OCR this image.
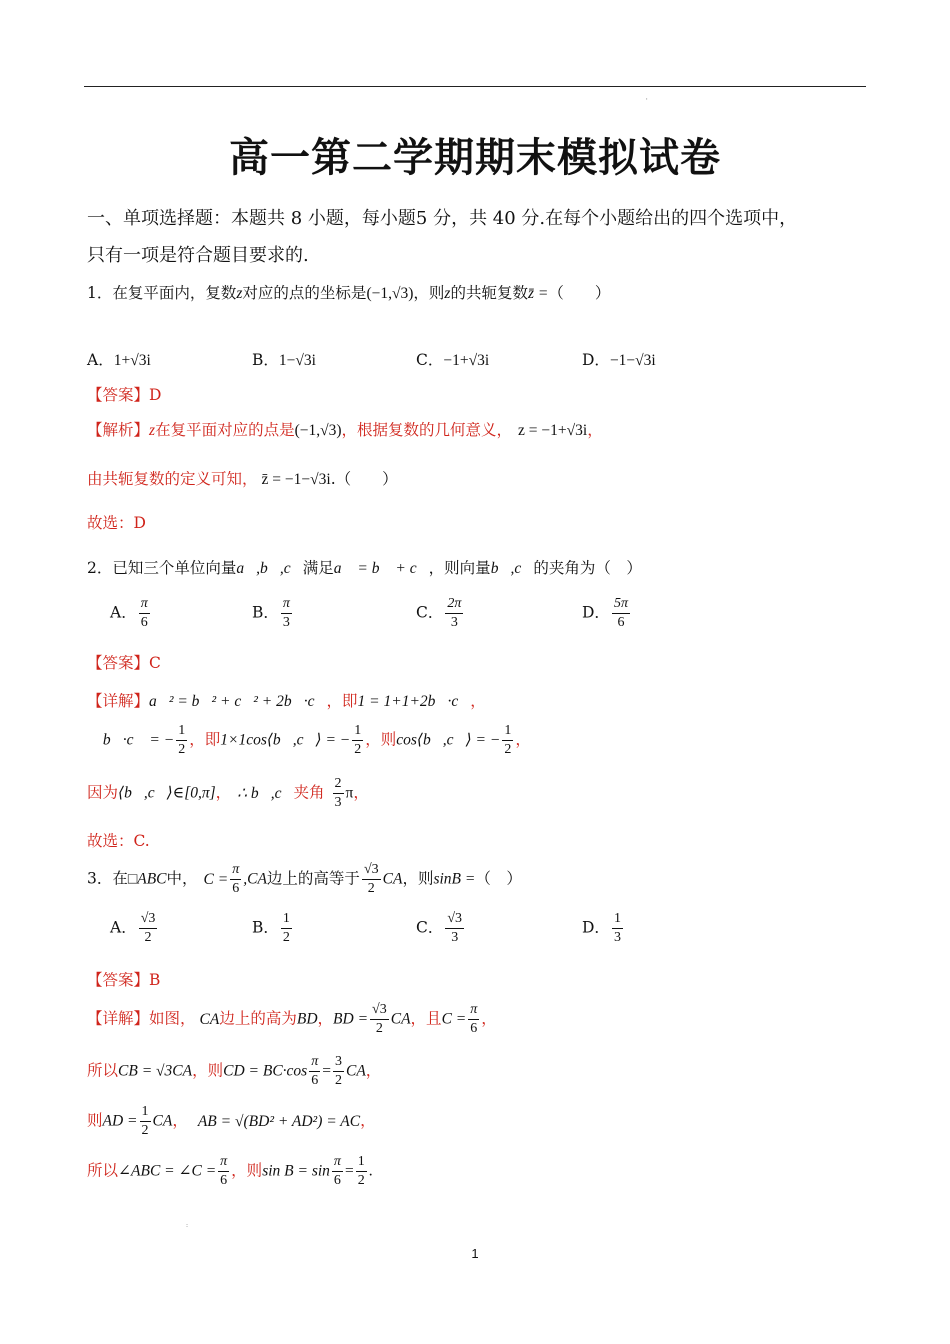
'
高一第二学期期末模拟试卷
一、单项选择题：本题共 8 小题，每小题5 分，共 40 分.在每个小题给出的四个选项中，
只有一项是符合题目要求的.
1．在复平面内，复数z对应的点的坐标是(−1,√3)，则z的共轭复数z̄ =（　　）
A．1+√3i	B．1−√3i	C．−1+√3i	D．−1−√3i
【答案】D
【解析】z在复平面对应的点是(−1,√3)，根据复数的几何意义， z = −1+√3i，
由共轭复数的定义可知， z̄ = −1−√3i.（　　）
故选：D
2．已知三个单位向量a⃗,b⃗,c⃗满足a⃗ = b⃗ + c⃗，则向量b⃗,c⃗的夹角为（　）
A． $\frac{\pi}{6}$	B． $\frac{\pi}{3}$	C． $\frac{2\pi}{3}$	D． $\frac{5\pi}{6}$
【答案】C
【详解】a⃗² = b⃗² + c⃗² + 2b⃗·c⃗，即1 = 1+1+2b⃗·c⃗，
∴ b⃗·c⃗ = − $\frac{1}{2}$ ，即1×1cos⟨b⃗,c⃗⟩ = − $\frac{1}{2}$ ，则cos⟨b⃗,c⃗⟩ = − $\frac{1}{2}$ ，
因为⟨b⃗,c⃗⟩∈[0,π]， ∴ b⃗,c⃗夹角 $\frac{2}{3}$ π，
故选：C.
3．在□ABC中， $C = \frac{\pi}{6} ,CA$边上的高等于 $\frac{√3}{2}$ CA，则sinB =（　）
A． $\frac{√3}{2}$	B． $\frac{1}{2}$	C． $\frac{√3}{3}$	D． $\frac{1}{3}$
【答案】B
【详解】如图， CA边上的高为BD，BD = $\frac{√3}{2}$ CA，且$C = \frac{\pi}{6}$ ，
所以CB = √3CA，则CD = $BC\cdot\cos \frac{\pi}{6} = \frac{3}{2}$ CA，
则AD = $\frac{1}{2}$ CA， AB = √(BD² + AD²) = AC，
所以∠ABC = ∠C = $\frac{\pi}{6}$ ，则$\sin B = \sin \frac{\pi}{6} = \frac{1}{2}$ .
:
1
